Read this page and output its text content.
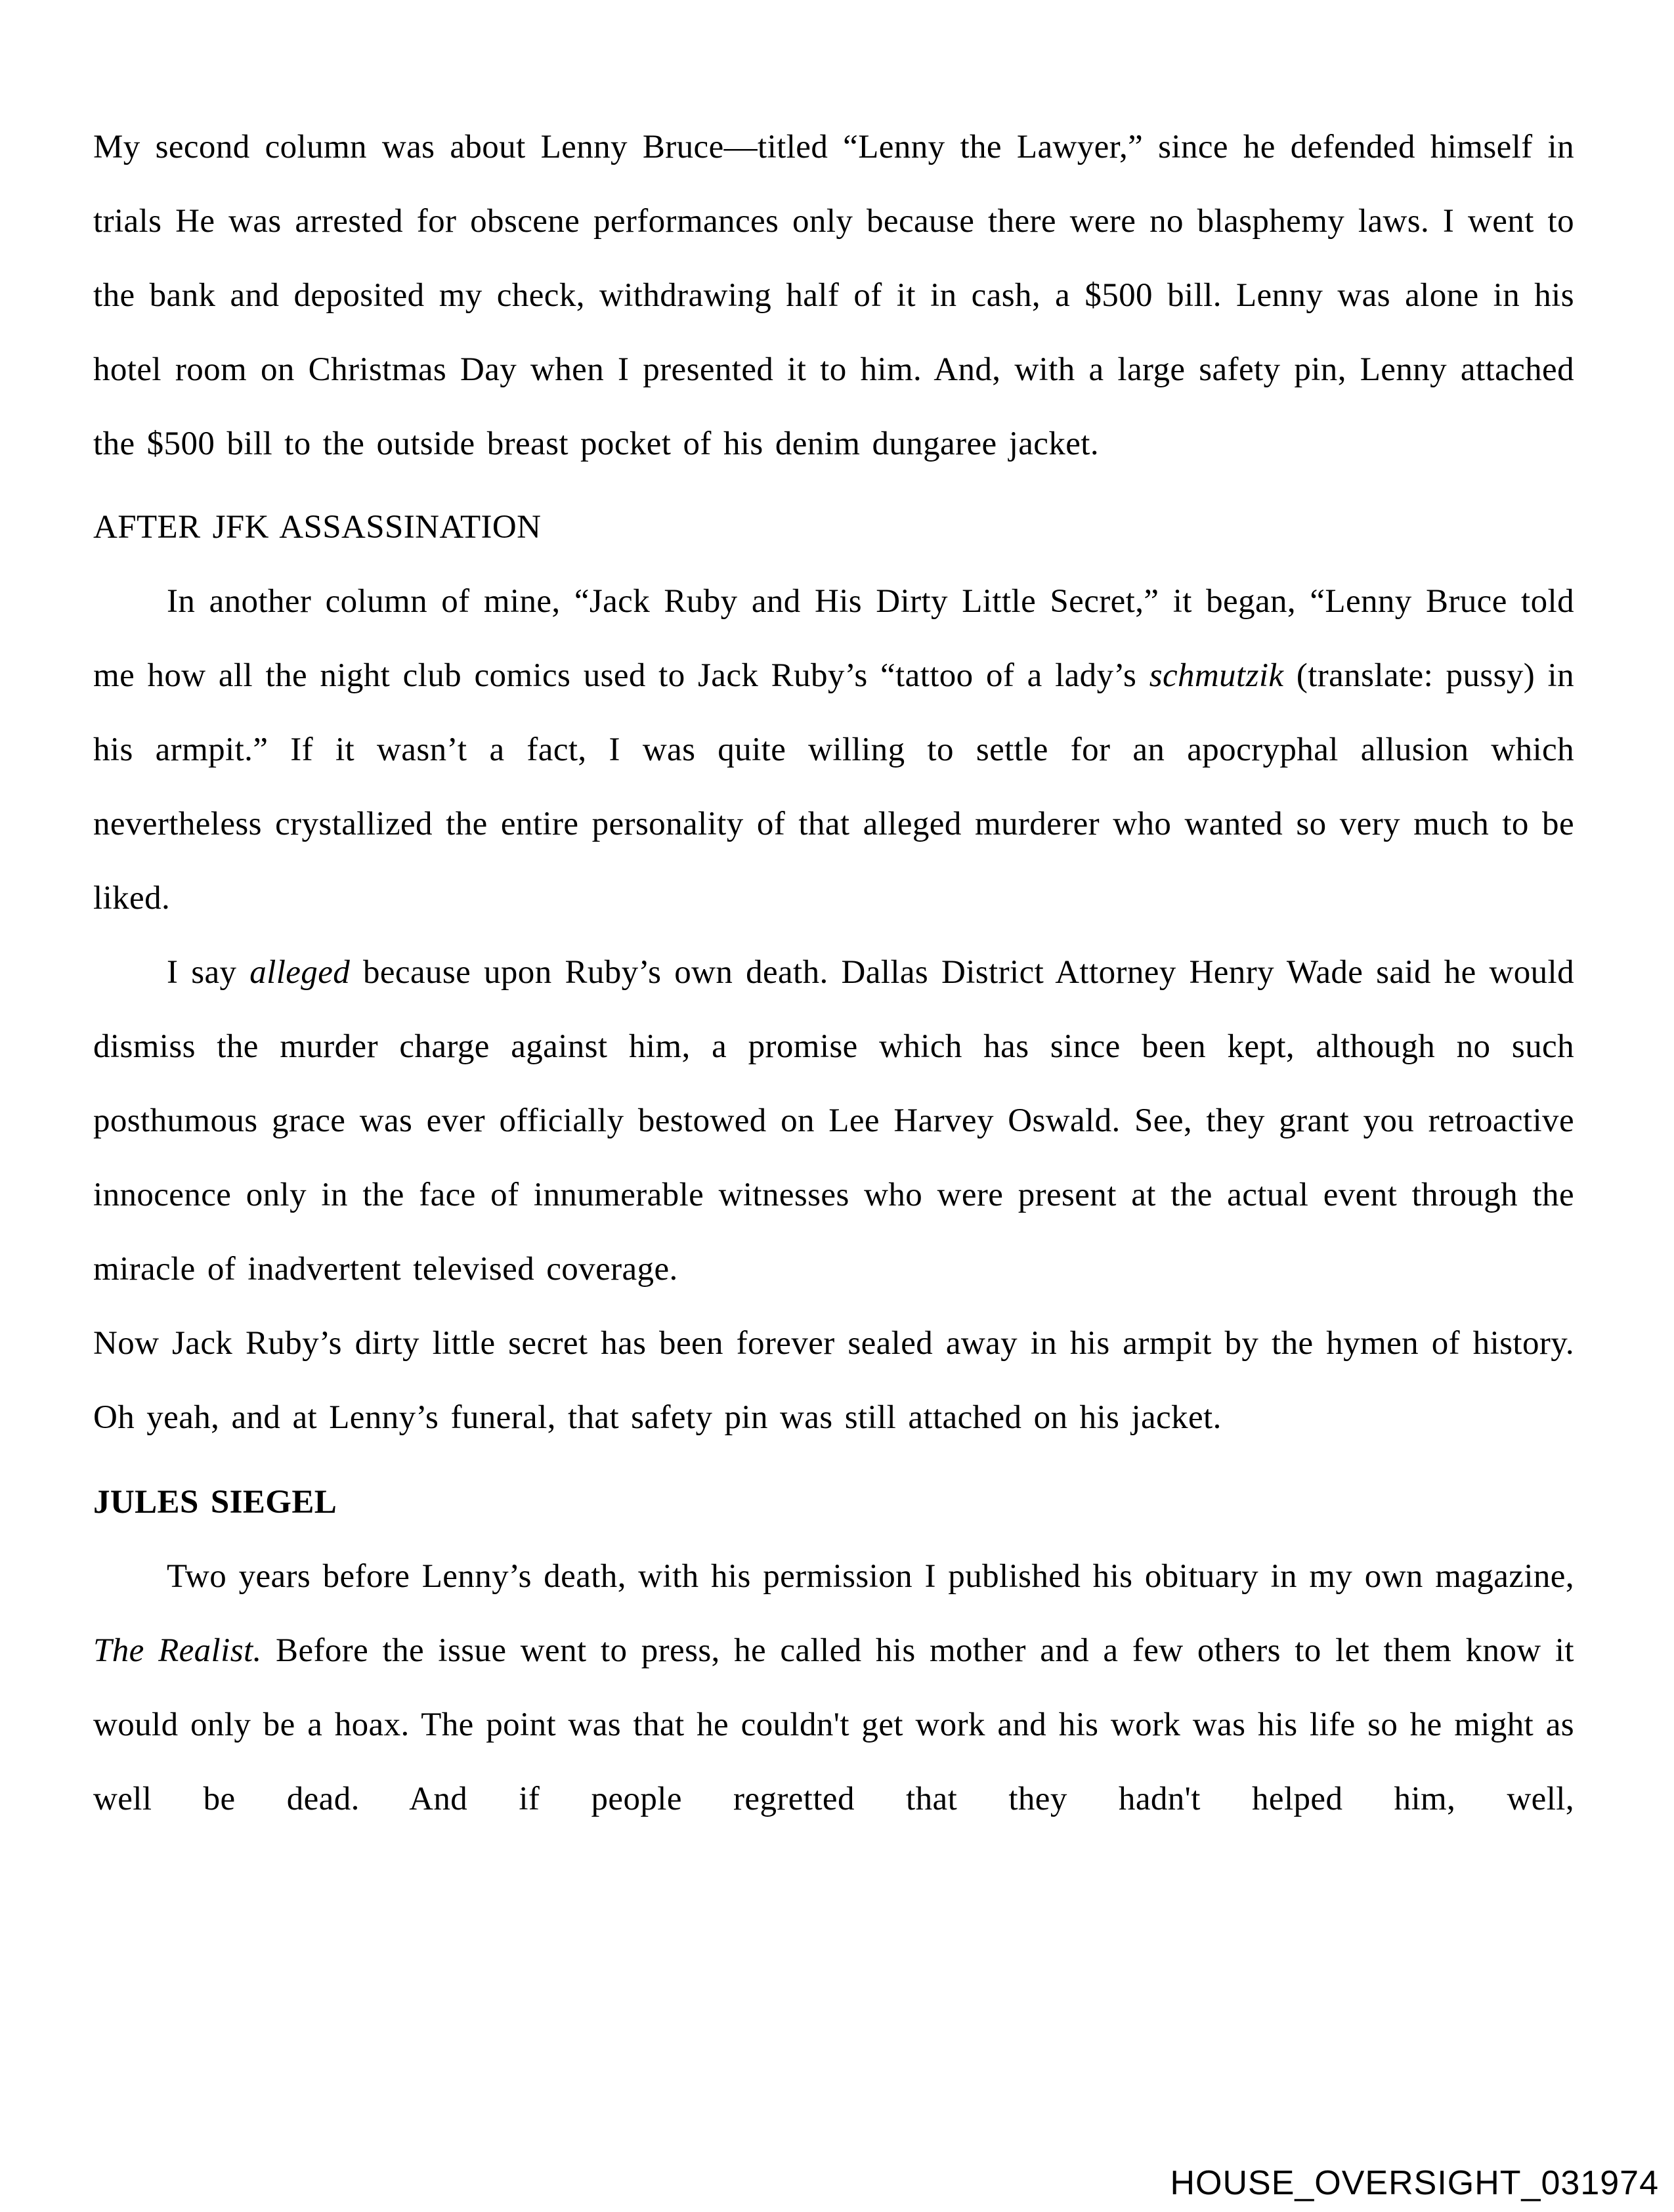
My second column was about Lenny Bruce—titled “Lenny the Lawyer,” since he defended himself in trials He was arrested for obscene performances only because there were no blasphemy laws. I went to the bank and deposited my check, withdrawing half of it in cash, a $500 bill. Lenny was alone in his hotel room on Christmas Day when I presented it to him. And, with a large safety pin, Lenny attached the $500 bill to the outside breast pocket of his denim dungaree jacket.

AFTER JFK ASSASSINATION

In another column of mine, “Jack Ruby and His Dirty Little Secret,” it began, “Lenny Bruce told me how all the night club comics used to Jack Ruby’s “tattoo of a lady’s schmutzik (translate: pussy) in his armpit.” If it wasn’t a fact, I was quite willing to settle for an apocryphal allusion which nevertheless crystallized the entire personality of that alleged murderer who wanted so very much to be liked.

I say alleged because upon Ruby’s own death. Dallas District Attorney Henry Wade said he would dismiss the murder charge against him, a promise which has since been kept, although no such posthumous grace was ever officially bestowed on Lee Harvey Oswald. See, they grant you retroactive innocence only in the face of innumerable witnesses who were present at the actual event through the miracle of inadvertent televised coverage.

Now Jack Ruby’s dirty little secret has been forever sealed away in his armpit by the hymen of history. Oh yeah, and at Lenny’s funeral, that safety pin was still attached on his jacket.

JULES SIEGEL

Two years before Lenny’s death, with his permission I published his obituary in my own magazine, The Realist. Before the issue went to press, he called his mother and a few others to let them know it would only be a hoax. The point was that he couldn't get work and his work was his life so he might as well be dead. And if people regretted that they hadn't helped him, well,

HOUSE_OVERSIGHT_031974
